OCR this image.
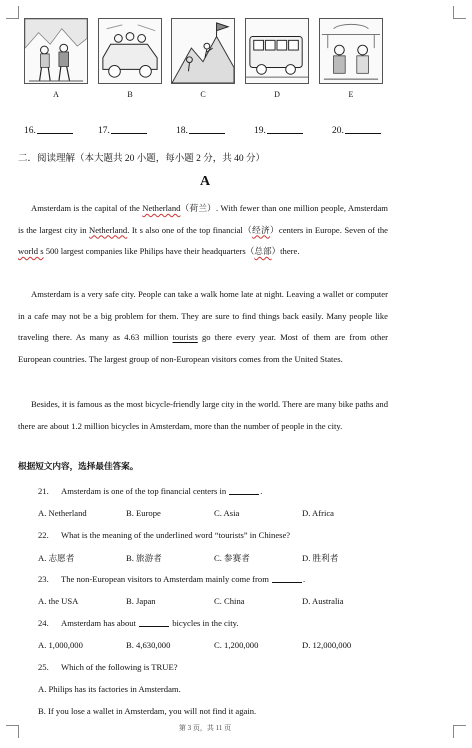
A	B	C	D	E
16.	17.	18.	19.	20.
二．阅读理解（本大题共 20 小题，每小题 2 分，共 40 分）
A
Amsterdam is the capital of the Netherland（荷兰）. With fewer than one million people, Amsterdam is the largest city in Netherland. It s also one of the top financial（经济）centers in Europe. Seven of the world s 500 largest companies like Philips have their headquarters（总部）there.
Amsterdam is a very safe city. People can take a walk home late at night. Leaving a wallet or computer in a cafe may not be a big problem for them. They are sure to find things back easily. Many people like traveling there. As many as 4.63 million tourists go there every year. Most of them are from other European countries. The largest group of non-European visitors comes from the United States.
Besides, it is famous as the most bicycle-friendly large city in the world. There are many bike paths and there are about 1.2 million bicycles in Amsterdam, more than the number of people in the city.
根据短文内容，选择最佳答案。
21. Amsterdam is one of the top financial centers in	.
A. Netherland	B. Europe	C. Asia	D. Africa
22. What is the meaning of the underlined word “tourists” in Chinese?
A. 志愿者	B. 旅游者	C. 参赛者	D. 胜利者
23. The non-European visitors to Amsterdam mainly come from	.
A. the USA	B. Japan	C. China	D. Australia
24. Amsterdam has about	bicycles in the city.
A. 1,000,000	B. 4,630,000	C. 1,200,000	D. 12,000,000
25. Which of the following is TRUE?
A. Philips has its factories in Amsterdam.
B. If you lose a wallet in Amsterdam, you will not find it again.
第 3 页，共 11 页
